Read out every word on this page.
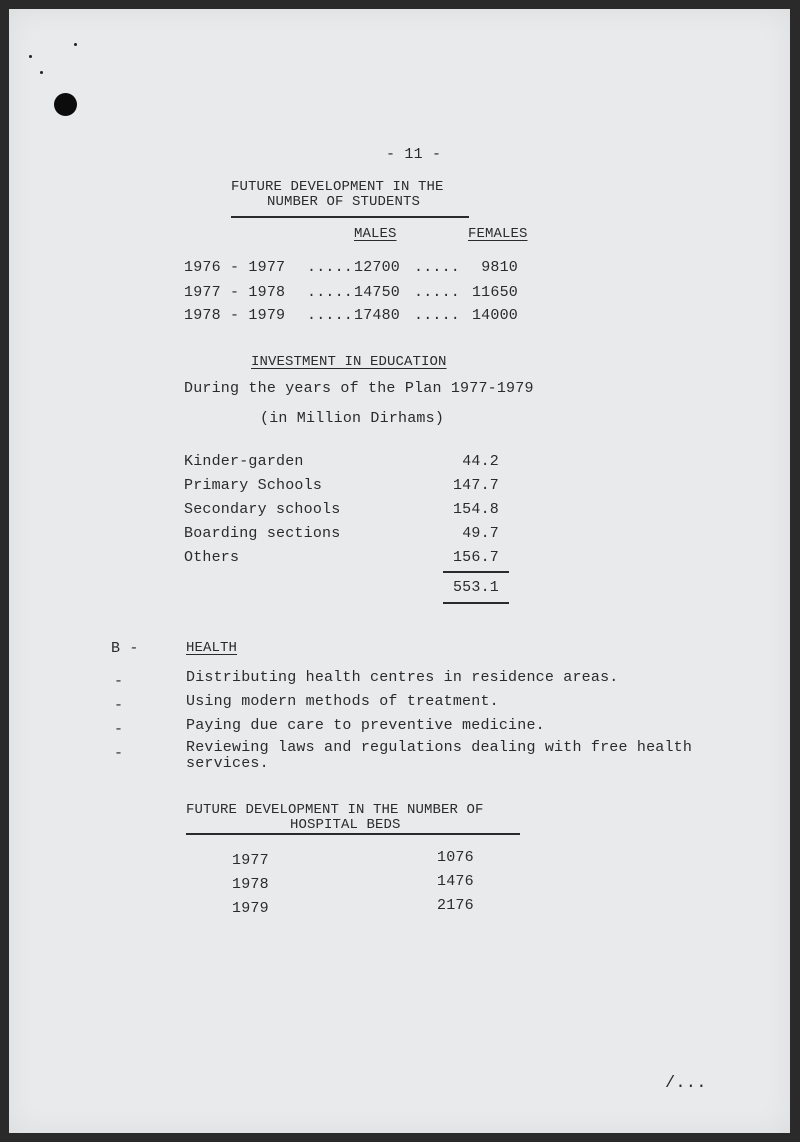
- 11 -
FUTURE DEVELOPMENT IN THE
NUMBER OF STUDENTS
MALES	FEMALES
1976 - 1977 ..... 12700 .....	9810
1977 - 1978 ..... 14750 ..... 11650
1978 - 1979 ..... 17480 ..... 14000
INVESTMENT IN EDUCATION
During the years of the Plan 1977-1979
(in Million Dirhams)
Kinder-garden	44.2
Primary Schools	147.7
Secondary schools	154.8
Boarding sections	49.7
Others	156.7
553.1
B -	HEALTH
-	Distributing health centres in residence areas.
-	Using modern methods of treatment.
-	Paying due care to preventive medicine.
-	Reviewing laws and regulations dealing with free health
services.
FUTURE DEVELOPMENT IN THE NUMBER OF
HOSPITAL BEDS
1977	1076
1978	1476
1979	2176
/...
